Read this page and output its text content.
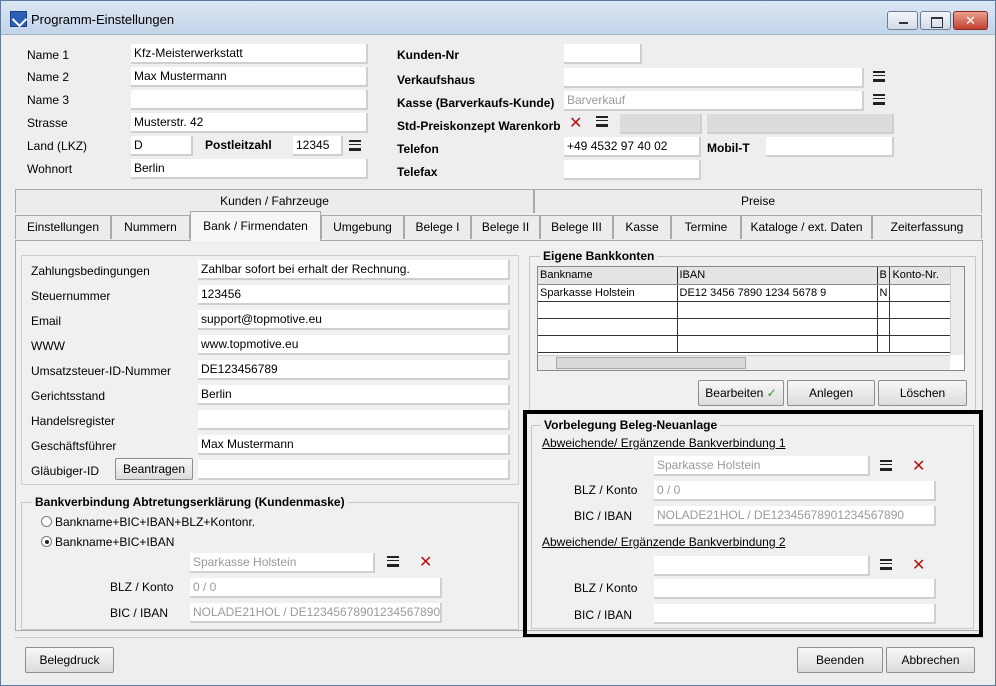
Programm-Einstellungen	✕
Name 1	Kfz-Meisterwerkstatt
Name 2	Max Mustermann
Name 3
Strasse	Musterstr. 42
Land (LKZ)	D	Postleitzahl 12345
Wohnort	Berlin
Kunden-Nr
Verkaufshaus
Kasse (Barverkaufs-Kunde) Barverkauf
Std-Preiskonzept Warenkorb ✕
Telefon	+49 4532 97 40 02	Mobil-T
Telefax
Kunden / Fahrzeuge	Preise
Einstellungen	Nummern	Bank / Firmendaten	Umgebung	Belege I	Belege II	Belege III	Kasse	Termine	Kataloge / ext. Daten	Zeiterfassung
Zahlungsbedingungen	Zahlbar sofort bei erhalt der Rechnung.
Steuernummer	123456
Email	support@topmotive.eu
WWW	www.topmotive.eu
Umsatzsteuer-ID-Nummer DE123456789
Gerichtsstand	Berlin
Handelsregister
Geschäftsführer	Max Mustermann
Gläubiger-ID	Beantragen
Bankverbindung Abtretungserklärung (Kundenmaske)
Bankname+BIC+IBAN+BLZ+Kontonr.
Bankname+BIC+IBAN
Sparkasse Holstein	✕
BLZ / Konto 0 / 0
BIC / IBAN NOLADE21HOL / DE12345678901234567890
Eigene Bankkonten
Bankname	IBAN	B	Konto-Nr.
Sparkasse Holstein	DE12 3456 7890 1234 5678 9	N	

Bearbeiten ✓	Anlegen	Löschen
Vorbelegung Beleg-Neuanlage
Abweichende/ Ergänzende Bankverbindung 1
Sparkasse Holstein	✕
BLZ / Konto 0 / 0
BIC / IBAN NOLADE21HOL / DE12345678901234567890
Abweichende/ Ergänzende Bankverbindung 2
✕
BLZ / Konto
BIC / IBAN
Belegdruck	Beenden	Abbrechen
